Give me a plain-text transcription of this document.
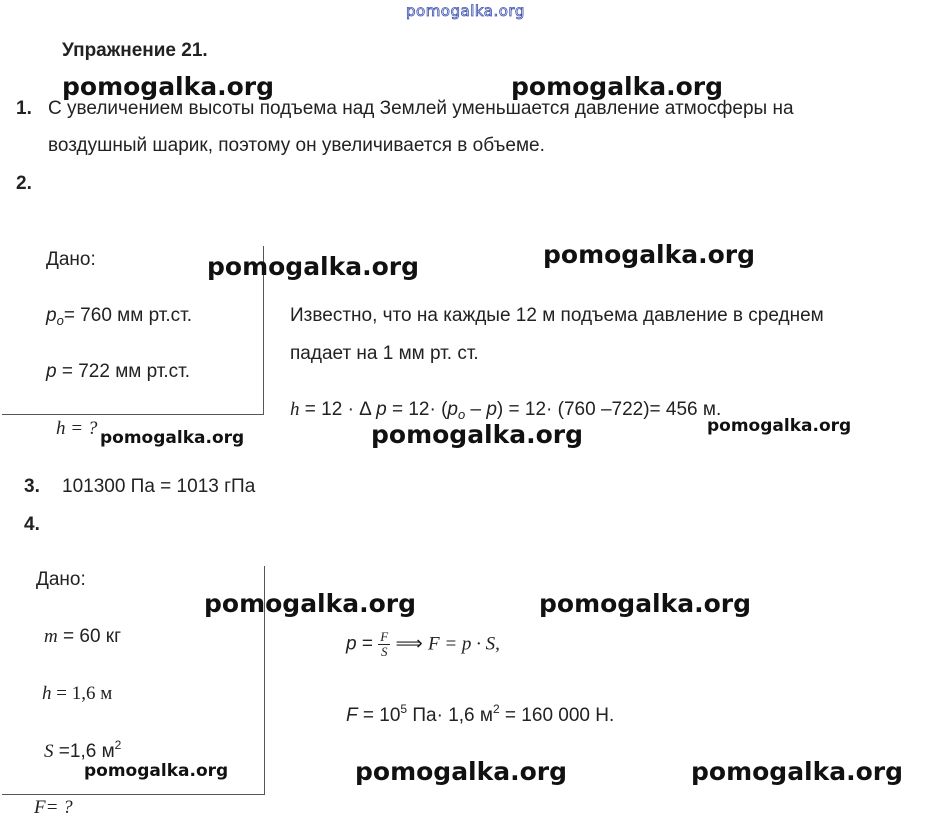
pomogalka.org
Упражнение 21.
1. С увеличением высоты подъема над Землей уменьшается давление атмосферы на
воздушный шарик, поэтому он увеличивается в объеме.
2.
Дано:
$p_o= 760$ мм рт.ст.
p = 722 мм рт.ст.
h = ?
Известно, что на каждые 12 м подъема давление в среднем
падает на 1 мм рт. ст.
h = 12 · Δ $p = 12\cdot (p_o - p) = 12\cdot (760$ –722)= 456 м.
3. 101300 Па = 1013 гПа
4.
Дано:
m = 60 кг
h = 1,6 м
S =1,6 $м^2$
F= ?
$p = \frac{F}{S}$ ⟹ F = p · S,
$F = 10^5$ Па· 1,6 $м^2 = 160$ 000 Н.
pomogalka.org	pomogalka.org
pomogalka.org	pomogalka.org
pomogalka.org
pomogalka.org	pomogalka.org
pomogalka.org	pomogalka.org
pomogalka.org
pomogalka.org
pomogalka.org
